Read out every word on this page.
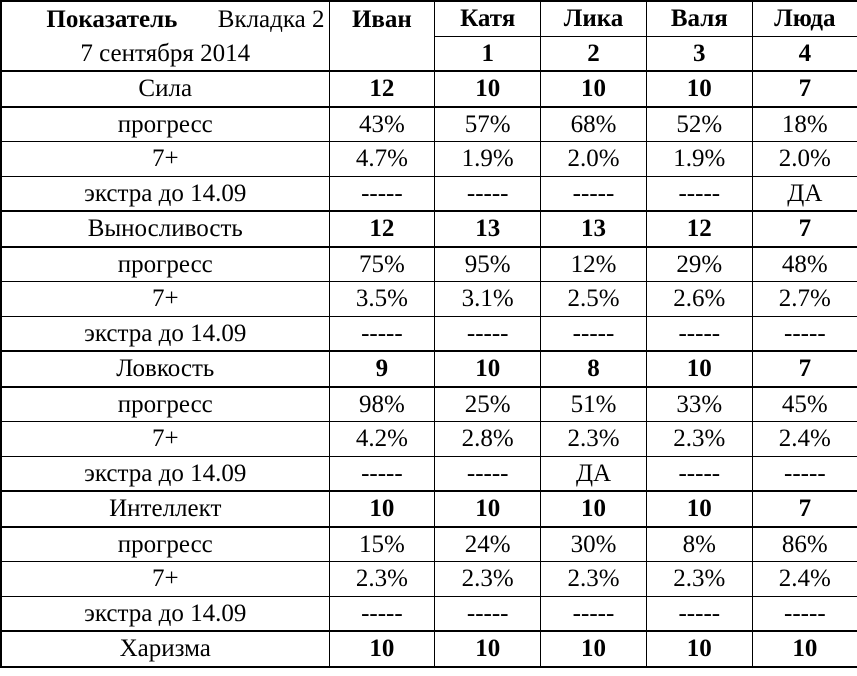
Показатель Вкладка 2	Иван	Катя	Лика	Валя	Люда
7 сентября 2014		1	2	3	4
Сила	12	10	10	10	7
прогресс	43%	57%	68%	52%	18%
7+	4.7%	1.9%	2.0%	1.9%	2.0%
экстра до 14.09	-----	-----	-----	-----	ДА
Выносливость	12	13	13	12	7
прогресс	75%	95%	12%	29%	48%
7+	3.5%	3.1%	2.5%	2.6%	2.7%
экстра до 14.09	-----	-----	-----	-----	-----
Ловкость	9	10	8	10	7
прогресс	98%	25%	51%	33%	45%
7+	4.2%	2.8%	2.3%	2.3%	2.4%
экстра до 14.09	-----	-----	ДА	-----	-----
Интеллект	10	10	10	10	7
прогресс	15%	24%	30%	8%	86%
7+	2.3%	2.3%	2.3%	2.3%	2.4%
экстра до 14.09	-----	-----	-----	-----	-----
Харизма	10	10	10	10	10
